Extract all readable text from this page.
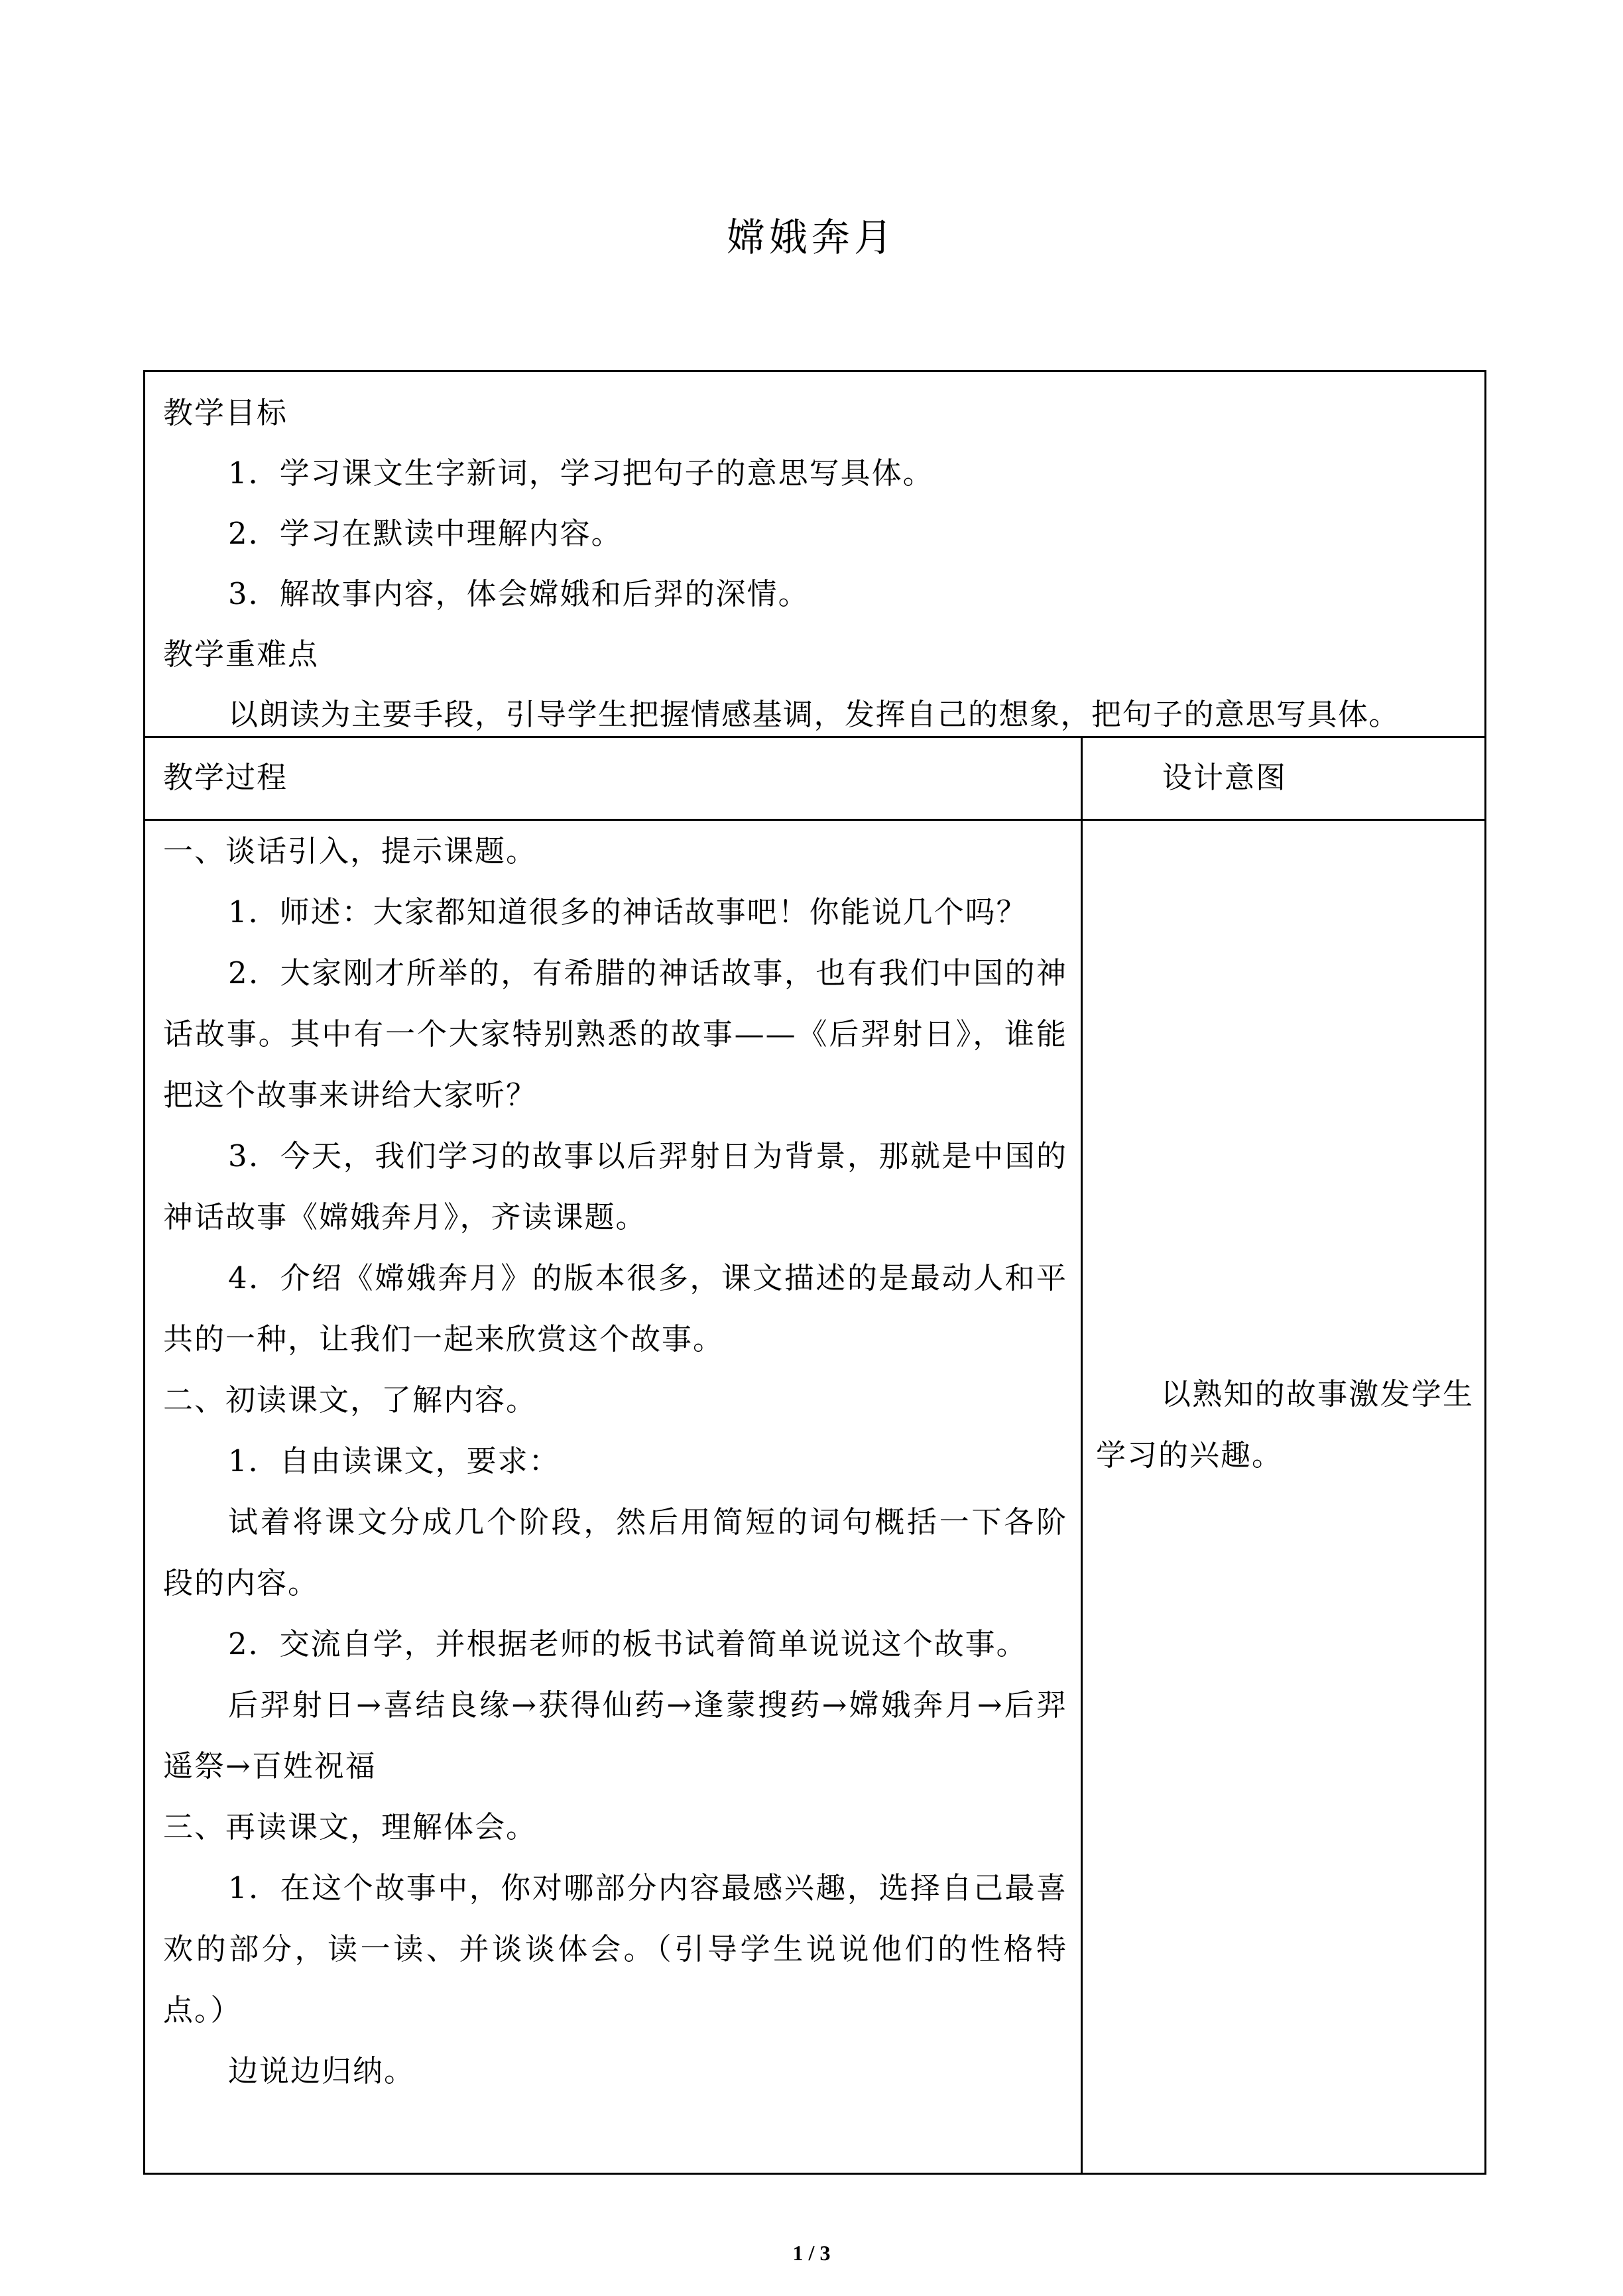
嫦娥奔月
教学目标
1．学习课文生字新词，学习把句子的意思写具体。
2．学习在默读中理解内容。
3．解故事内容，体会嫦娥和后羿的深情。
教学重难点
以朗读为主要手段，引导学生把握情感基调，发挥自己的想象，把句子的意思写具体。
教学过程	设计意图
一、谈话引入，提示课题。
1．师述：大家都知道很多的神话故事吧！你能说几个吗？
2．大家刚才所举的，有希腊的神话故事，也有我们中国的神话故事。其中有一个大家特别熟悉的故事——《后羿射日》，谁能把这个故事来讲给大家听？
3．今天，我们学习的故事以后羿射日为背景，那就是中国的神话故事《嫦娥奔月》，齐读课题。
4．介绍《嫦娥奔月》的版本很多，课文描述的是最动人和平共的一种，让我们一起来欣赏这个故事。
二、初读课文，了解内容。
1．自由读课文，要求：
试着将课文分成几个阶段，然后用简短的词句概括一下各阶段的内容。
2．交流自学，并根据老师的板书试着简单说说这个故事。
后羿射日→喜结良缘→获得仙药→逢蒙搜药→嫦娥奔月→后羿遥祭→百姓祝福
三、再读课文，理解体会。
1．在这个故事中，你对哪部分内容最感兴趣，选择自己最喜欢的部分，读一读、并谈谈体会。（引导学生说说他们的性格特点。）
边说边归纳。
以熟知的故事激发学生学习的兴趣。
1 / 3
